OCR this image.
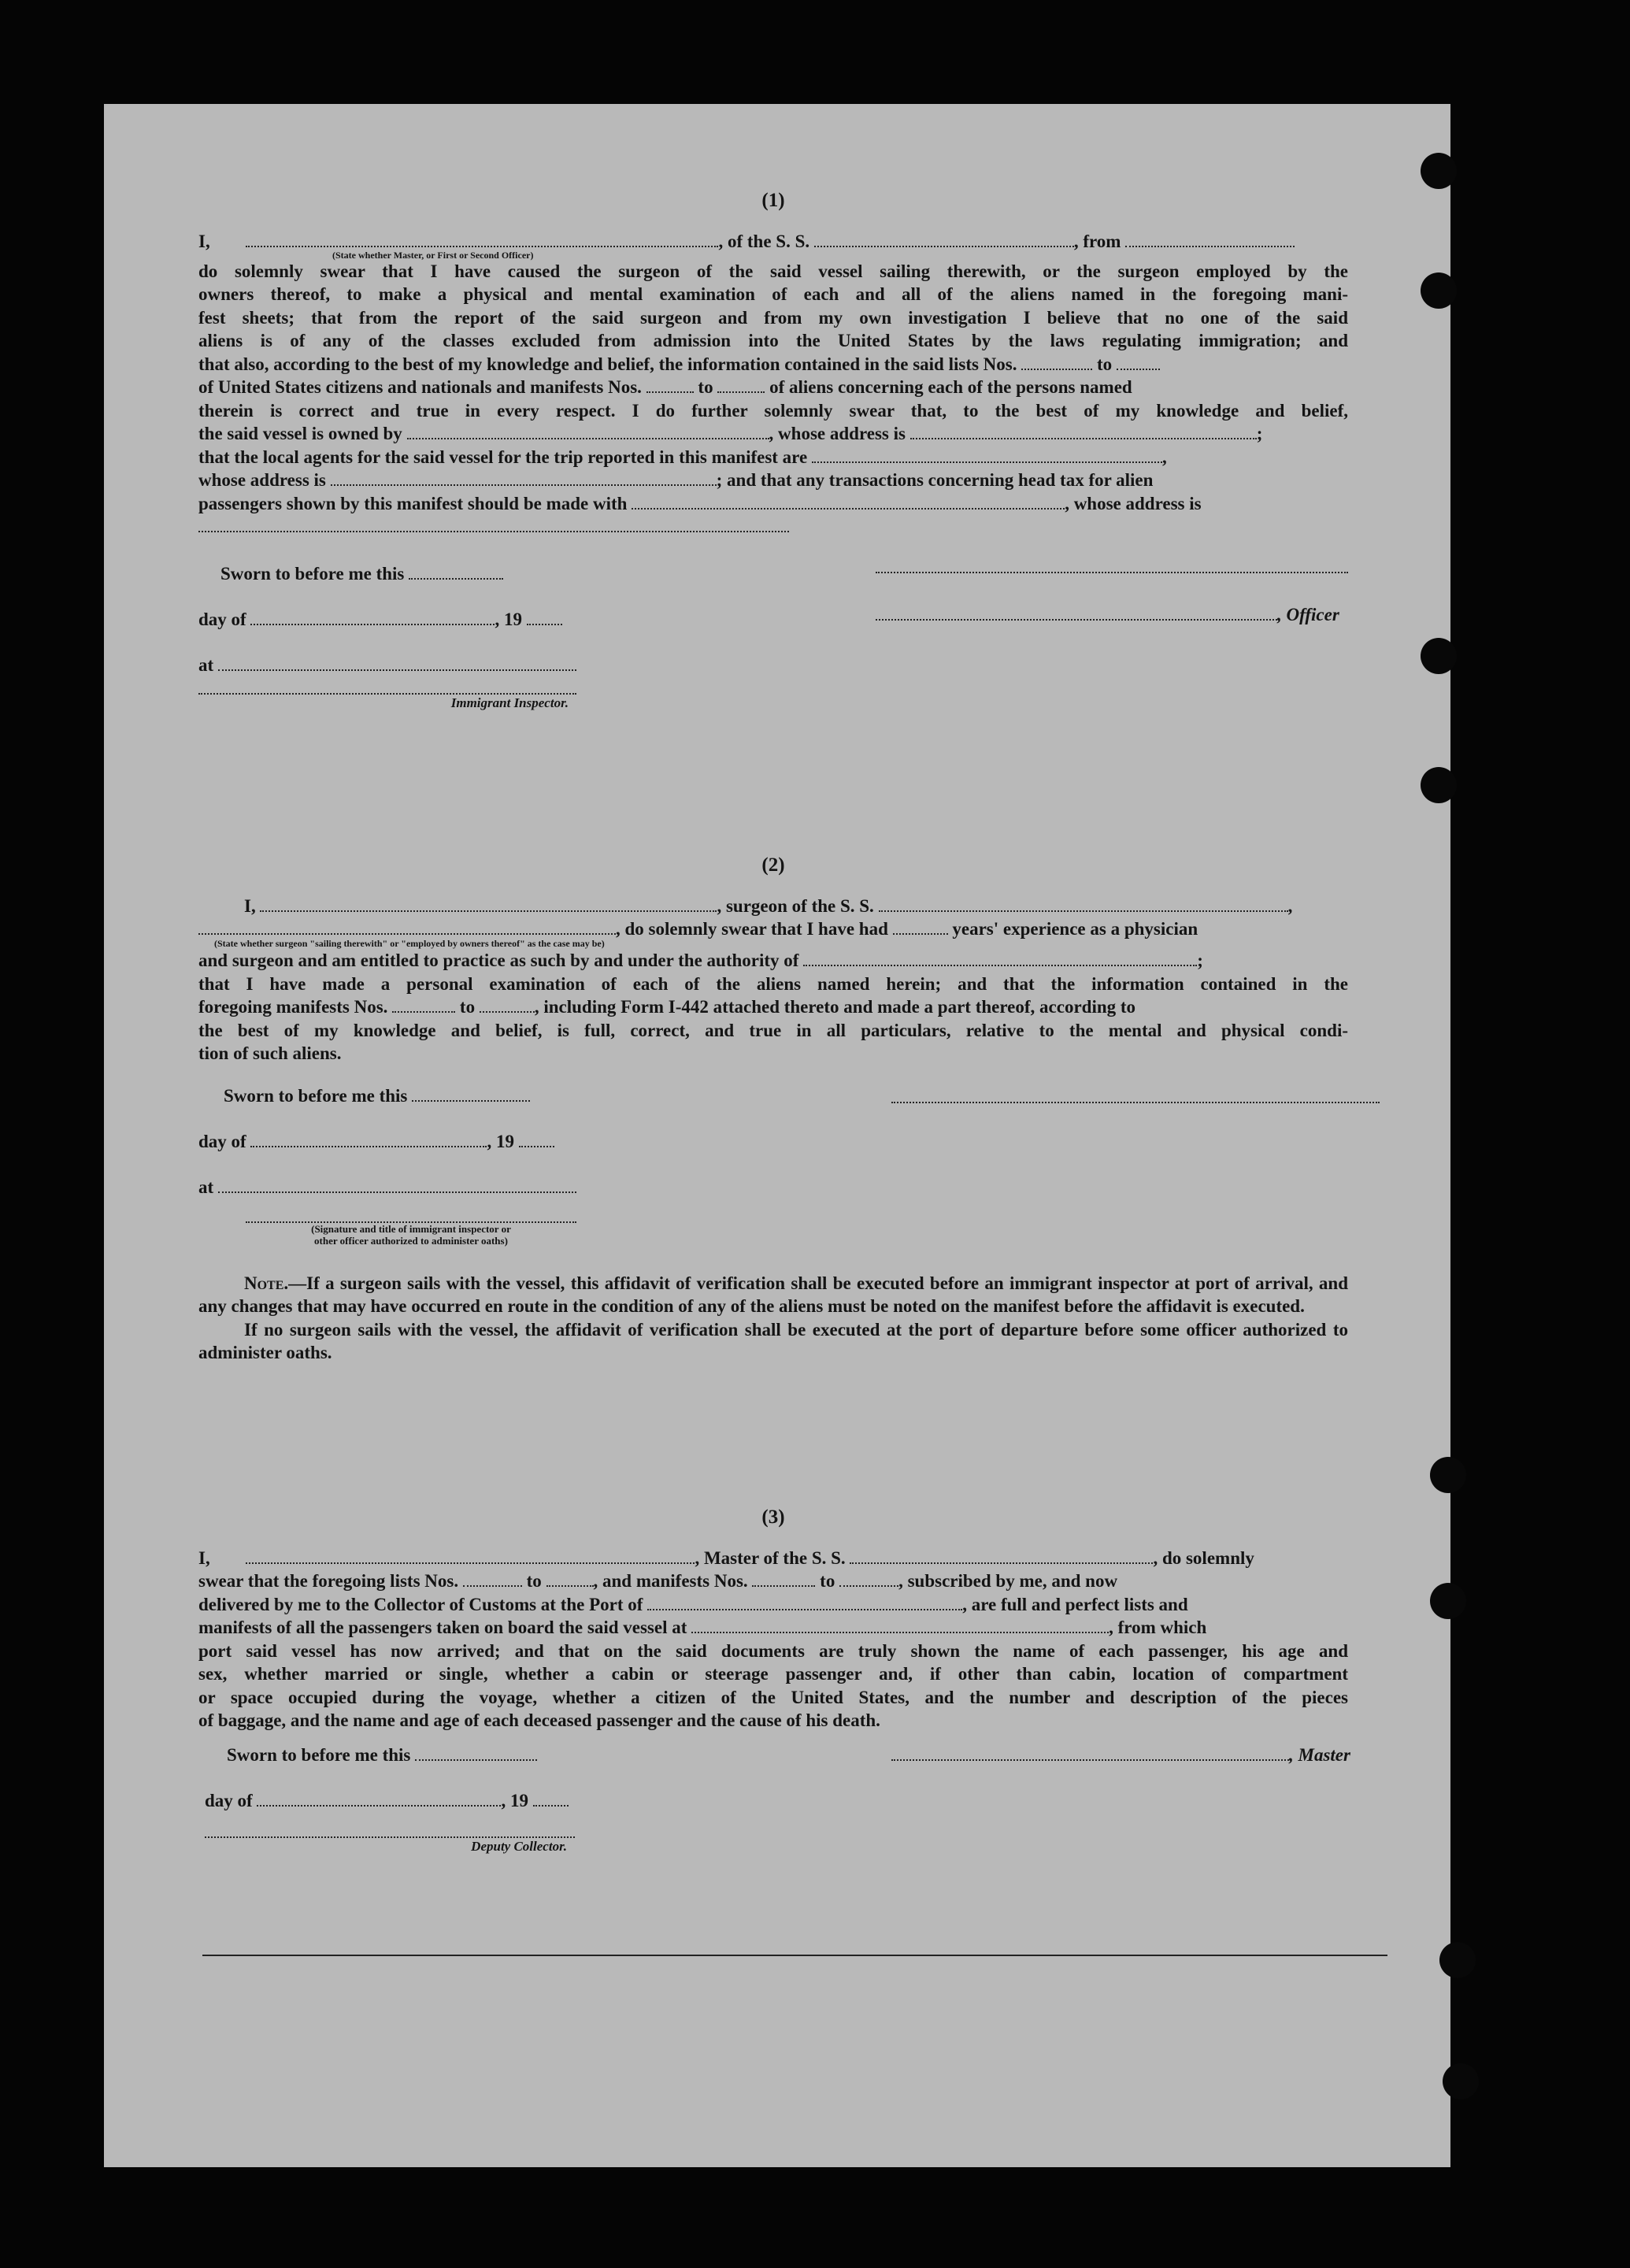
(1)
I,	, of the S. S.	, from
(State whether Master, or First or Second Officer)
do solemnly swear that I have caused the surgeon of the said vessel sailing therewith, or the surgeon employed by the
owners thereof, to make a physical and mental examination of each and all of the aliens named in the foregoing mani-
fest sheets; that from the report of the said surgeon and from my own investigation I believe that no one of the said
aliens is of any of the classes excluded from admission into the United States by the laws regulating immigration; and
that also, according to the best of my knowledge and belief, the information contained in the said lists Nos.	to
of United States citizens and nationals and manifests Nos.	to	of aliens concerning each of the persons named
therein is correct and true in every respect. I do further solemnly swear that, to the best of my knowledge and belief,
the said vessel is owned by	, whose address is	;
that the local agents for the said vessel for the trip reported in this manifest are	,
whose address is	; and that any transactions concerning head tax for alien
passengers shown by this manifest should be made with	, whose address is
Sworn to before me this
day of	, 19
at
Immigrant Inspector.
, Officer
(2)
I,	, surgeon of the S. S.	,
, do solemnly swear that I have had	years' experience as a physician
(State whether surgeon "sailing therewith" or "employed by owners thereof" as the case may be)
and surgeon and am entitled to practice as such by and under the authority of	;
that I have made a personal examination of each of the aliens named herein; and that the information contained in the
foregoing manifests Nos.	to	, including Form I-442 attached thereto and made a part thereof, according to
the best of my knowledge and belief, is full, correct, and true in all particulars, relative to the mental and physical condi-
tion of such aliens.
Sworn to before me this
day of	, 19
at
(Signature and title of immigrant inspector or
other officer authorized to administer oaths)

Note.—If a surgeon sails with the vessel, this affidavit of verification shall be executed before an immigrant inspector at port of arrival, and any changes that may have occurred en route in the condition of any of the aliens must be noted on the manifest before the affidavit is executed.

If no surgeon sails with the vessel, the affidavit of verification shall be executed at the port of departure before some officer authorized to administer oaths.

(3)
I,	, Master of the S. S.	, do solemnly
swear that the foregoing lists Nos.	to	, and manifests Nos.	to	, subscribed by me, and now
delivered by me to the Collector of Customs at the Port of	, are full and perfect lists and
manifests of all the passengers taken on board the said vessel at	, from which
port said vessel has now arrived; and that on the said documents are truly shown the name of each passenger, his age and
sex, whether married or single, whether a cabin or steerage passenger and, if other than cabin, location of compartment
or space occupied during the voyage, whether a citizen of the United States, and the number and description of the pieces
of baggage, and the name and age of each deceased passenger and the cause of his death.
Sworn to before me this
day of	, 19
Deputy Collector.
, Master
